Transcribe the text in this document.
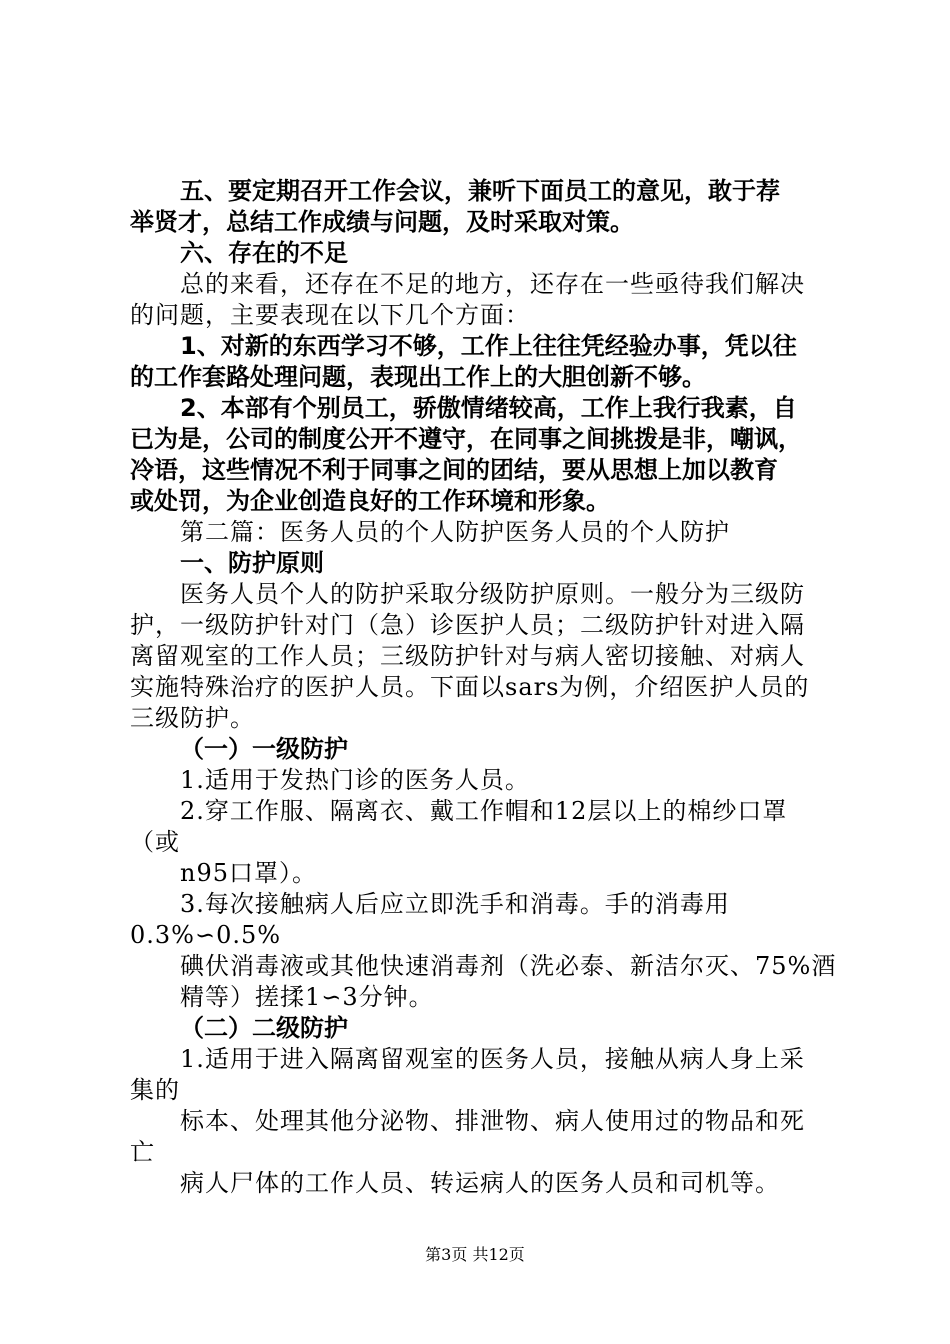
五、要定期召开工作会议，兼听下面员工的意见，敢于荐
举贤才，总结工作成绩与问题，及时采取对策。
六、存在的不足
总的来看，还存在不足的地方，还存在一些亟待我们解决
的问题，主要表现在以下几个方面：
1、对新的东西学习不够，工作上往往凭经验办事，凭以往
的工作套路处理问题，表现出工作上的大胆创新不够。
2、本部有个别员工，骄傲情绪较高，工作上我行我素，自
已为是，公司的制度公开不遵守，在同事之间挑拨是非，嘲讽，
冷语，这些情况不利于同事之间的团结，要从思想上加以教育
或处罚，为企业创造良好的工作环境和形象。
第二篇：医务人员的个人防护医务人员的个人防护
一、防护原则
医务人员个人的防护采取分级防护原则。一般分为三级防
护，一级防护针对门（急）诊医护人员；二级防护针对进入隔
离留观室的工作人员；三级防护针对与病人密切接触、对病人
实施特殊治疗的医护人员。下面以sars为例，介绍医护人员的
三级防护。
（一）一级防护
1.适用于发热门诊的医务人员。
2.穿工作服、隔离衣、戴工作帽和12层以上的棉纱口罩
（或
n95口罩）。
3.每次接触病人后应立即洗手和消毒。手的消毒用
0.3%∽0.5%
碘伏消毒液或其他快速消毒剂（洗必泰、新洁尔灭、75%酒
精等）搓揉1∽3分钟。
（二）二级防护
1.适用于进入隔离留观室的医务人员，接触从病人身上采
集的
标本、处理其他分泌物、排泄物、病人使用过的物品和死
亡
病人尸体的工作人员、转运病人的医务人员和司机等。
第3页 共12页
